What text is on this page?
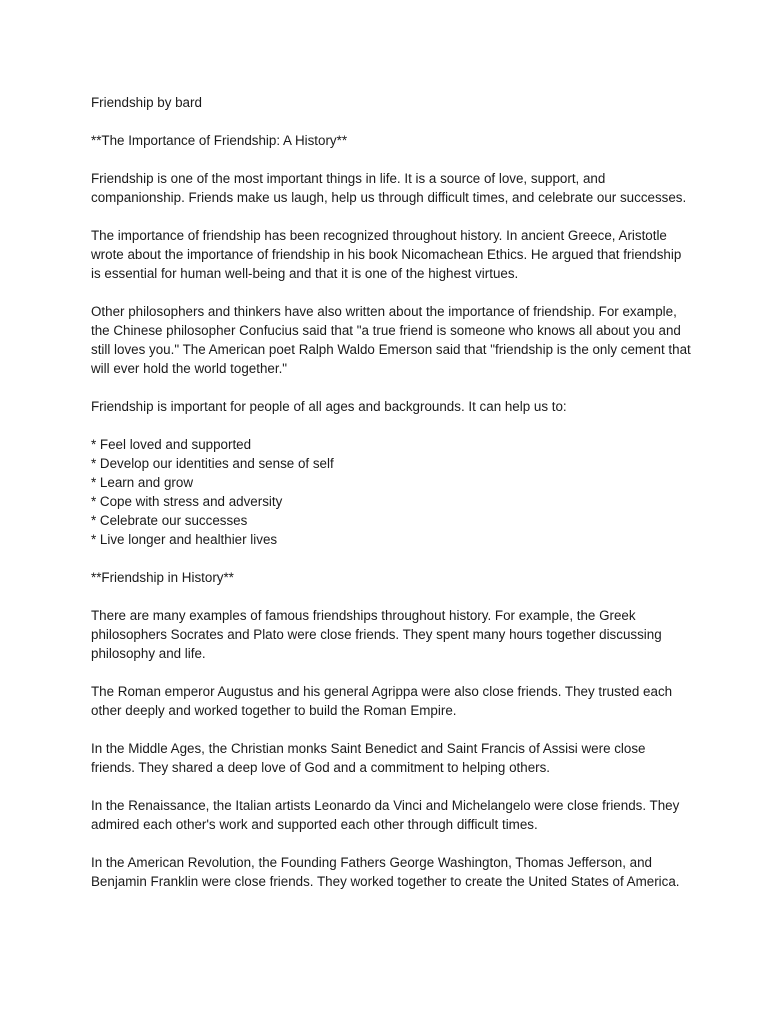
Friendship by bard

**The Importance of Friendship: A History**

Friendship is one of the most important things in life. It is a source of love, support, and companionship. Friends make us laugh, help us through difficult times, and celebrate our successes.

The importance of friendship has been recognized throughout history. In ancient Greece, Aristotle wrote about the importance of friendship in his book Nicomachean Ethics. He argued that friendship is essential for human well-being and that it is one of the highest virtues.

Other philosophers and thinkers have also written about the importance of friendship. For example, the Chinese philosopher Confucius said that "a true friend is someone who knows all about you and still loves you." The American poet Ralph Waldo Emerson said that "friendship is the only cement that will ever hold the world together."

Friendship is important for people of all ages and backgrounds. It can help us to:

* Feel loved and supported
* Develop our identities and sense of self
* Learn and grow
* Cope with stress and adversity
* Celebrate our successes
* Live longer and healthier lives

**Friendship in History**

There are many examples of famous friendships throughout history. For example, the Greek philosophers Socrates and Plato were close friends. They spent many hours together discussing philosophy and life.

The Roman emperor Augustus and his general Agrippa were also close friends. They trusted each other deeply and worked together to build the Roman Empire.

In the Middle Ages, the Christian monks Saint Benedict and Saint Francis of Assisi were close friends. They shared a deep love of God and a commitment to helping others.

In the Renaissance, the Italian artists Leonardo da Vinci and Michelangelo were close friends. They admired each other's work and supported each other through difficult times.

In the American Revolution, the Founding Fathers George Washington, Thomas Jefferson, and Benjamin Franklin were close friends. They worked together to create the United States of America.
